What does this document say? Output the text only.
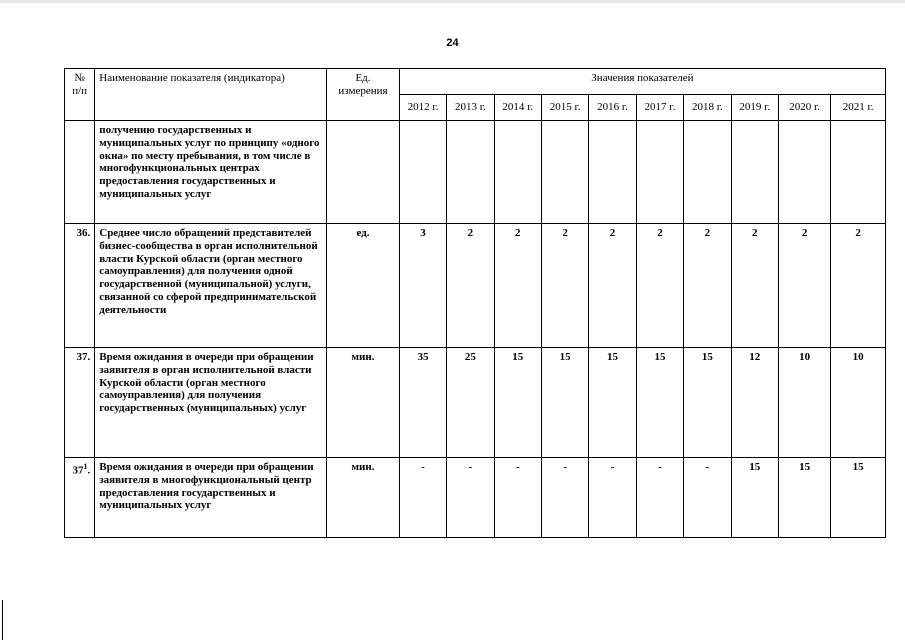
24
№ п/п	Наименование показателя (индикатора)	Ед. измерения	Значения показателей									
			2012 г.	2013 г.	2014 г.	2015 г.	2016 г.	2017 г.	2018 г.	2019 г.	2020 г.	2021 г.
	получению государственных и муниципальных услуг по принципу «одного окна» по месту пребывания, в том числе в многофункциональных центрах предоставления государственных и муниципальных услуг											
36.	Среднее число обращений представителей бизнес-сообщества в орган исполнительной власти Курской области (орган местного самоуправления) для получения одной государственной (муниципальной) услуги, связанной со сферой предпринимательской деятельности	ед.	3	2	2	2	2	2	2	2	2	2
37.	Время ожидания в очереди при обращении заявителя в орган исполнительной власти Курской области (орган местного самоуправления) для получения государственных (муниципальных) услуг	мин.	35	25	15	15	15	15	15	12	10	10
$37^1$.	Время ожидания в очереди при обращении заявителя в многофункциональный центр предоставления государственных и муниципальных услуг	мин.	-	-	-	-	-	-	-	15	15	15
